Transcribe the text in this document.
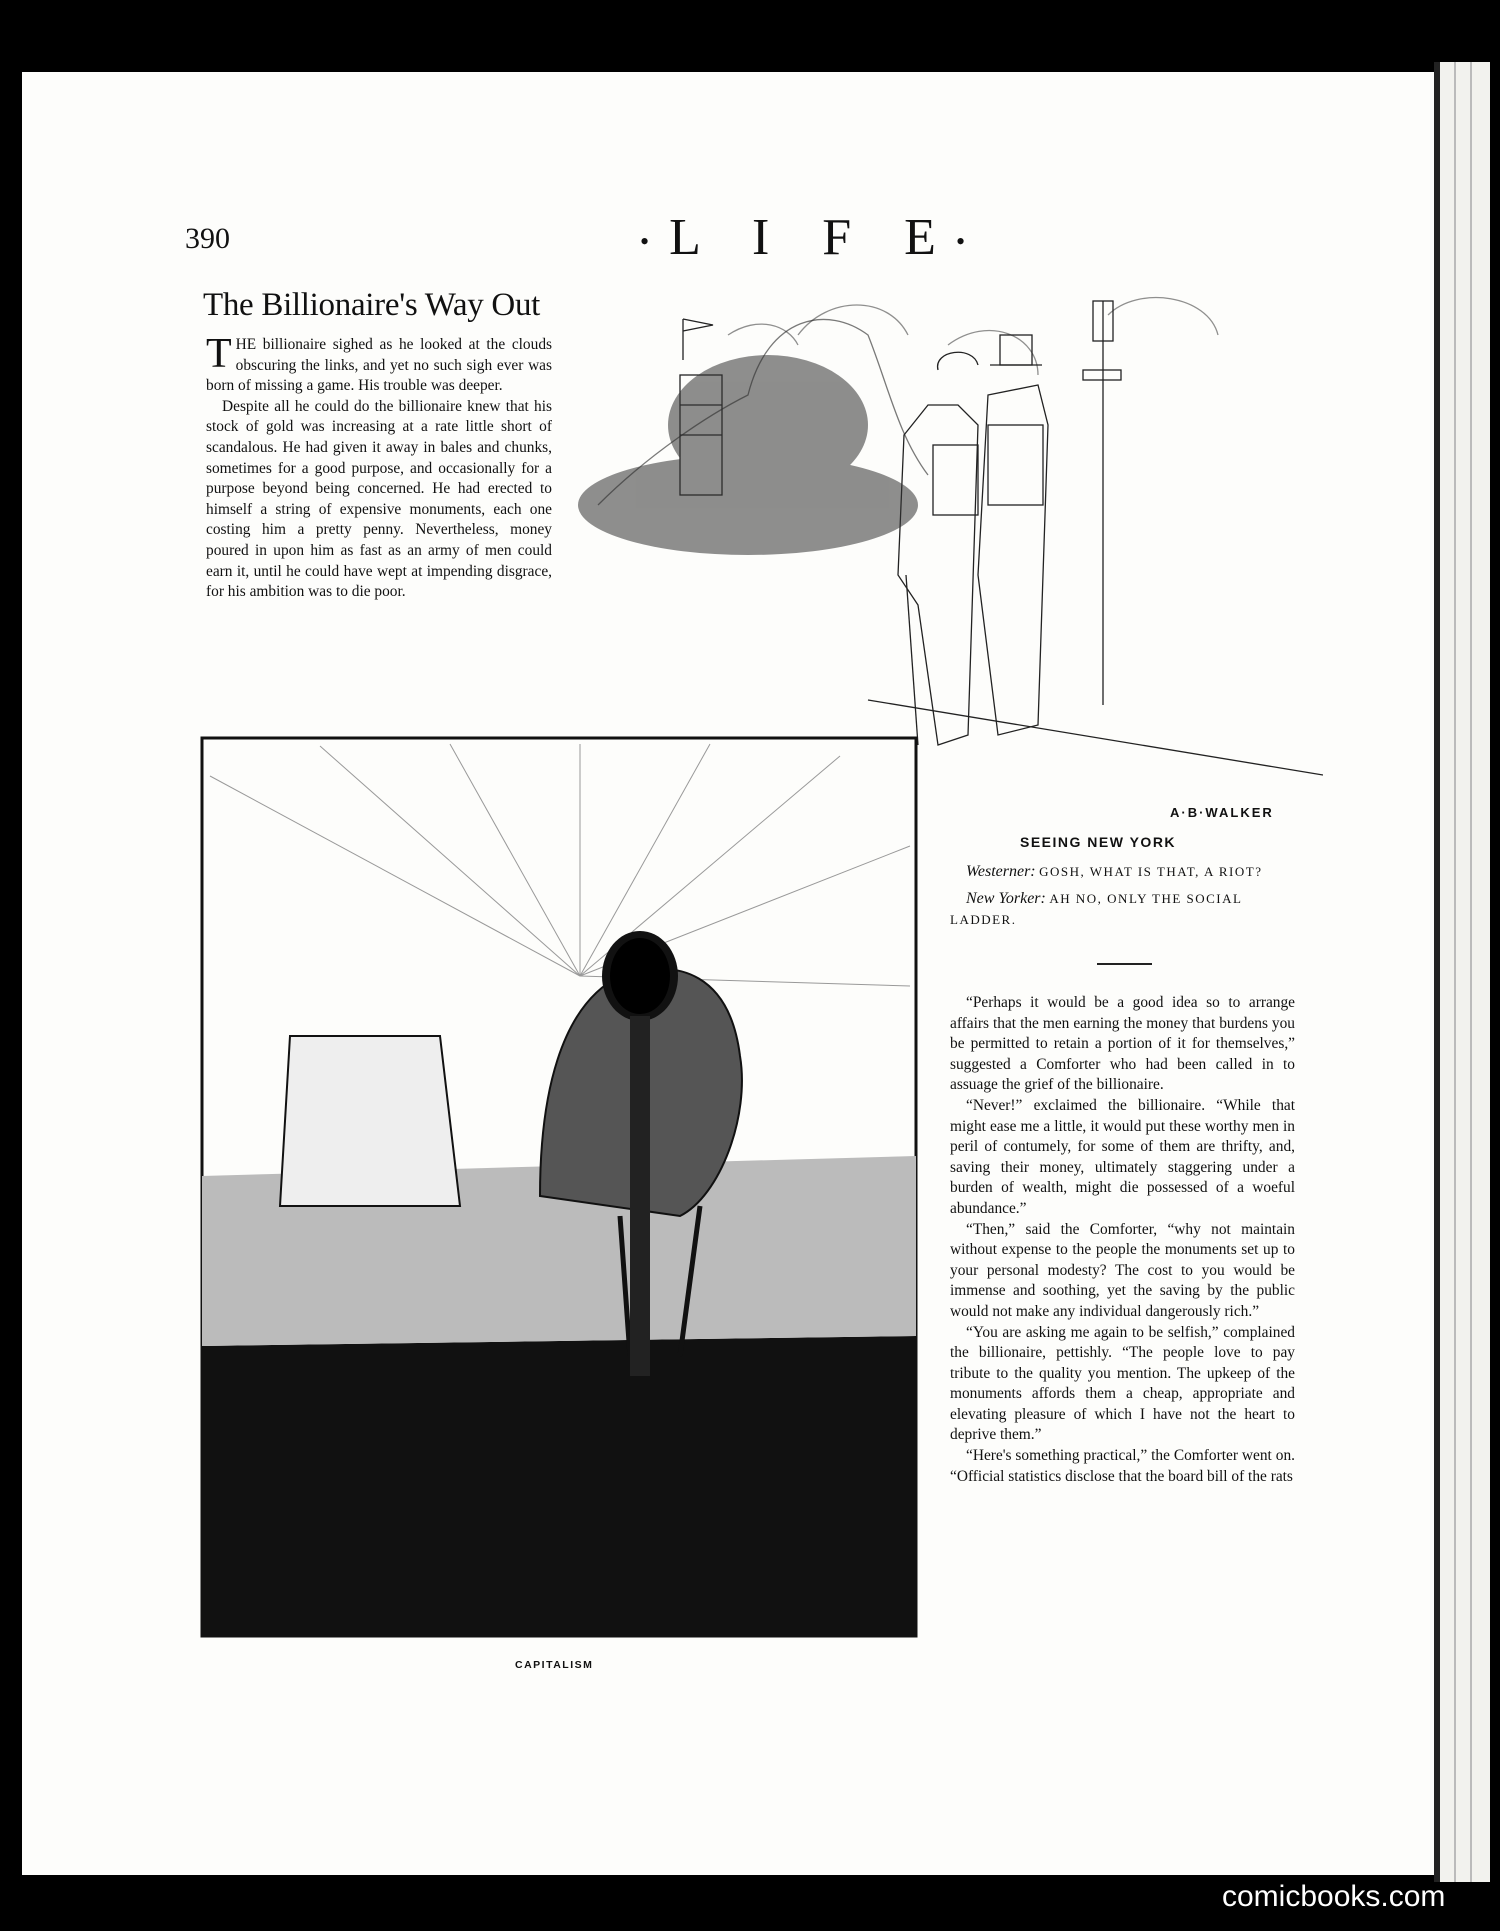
390	•L I F E•
The Billionaire's Way Out

THE billionaire sighed as he looked at the clouds obscuring the links, and yet no such sigh ever was born of missing a game. His trouble was deeper.

Despite all he could do the billionaire knew that his stock of gold was increasing at a rate little short of scandalous. He had given it away in bales and chunks, sometimes for a good purpose, and occasionally for a purpose beyond being concerned. He had erected to himself a string of expensive monuments, each one costing him a pretty penny. Nevertheless, money poured in upon him as fast as an army of men could earn it, until he could have wept at impending disgrace, for his ambition was to die poor.

A·B·WALKER
SEEING NEW YORK

Westerner: GOSH, WHAT IS THAT, A RIOT?

New Yorker: AH NO, ONLY THE SOCIAL LADDER.

CAPITALISM

“Perhaps it would be a good idea so to arrange affairs that the men earning the money that burdens you be permitted to retain a portion of it for themselves,” suggested a Comforter who had been called in to assuage the grief of the billionaire.

“Never!” exclaimed the billionaire. “While that might ease me a little, it would put these worthy men in peril of contumely, for some of them are thrifty, and, saving their money, ultimately staggering under a burden of wealth, might die possessed of a woeful abundance.”

“Then,” said the Comforter, “why not maintain without expense to the people the monuments set up to your personal modesty? The cost to you would be immense and soothing, yet the saving by the public would not make any individual dangerously rich.”

“You are asking me again to be selfish,” complained the billionaire, pettishly. “The people love to pay tribute to the quality you mention. The upkeep of the monuments affords them a cheap, appropriate and elevating pleasure of which I have not the heart to deprive them.”

“Here's something practical,” the Comforter went on. “Official statistics disclose that the board bill of the rats

comicbooks.com
